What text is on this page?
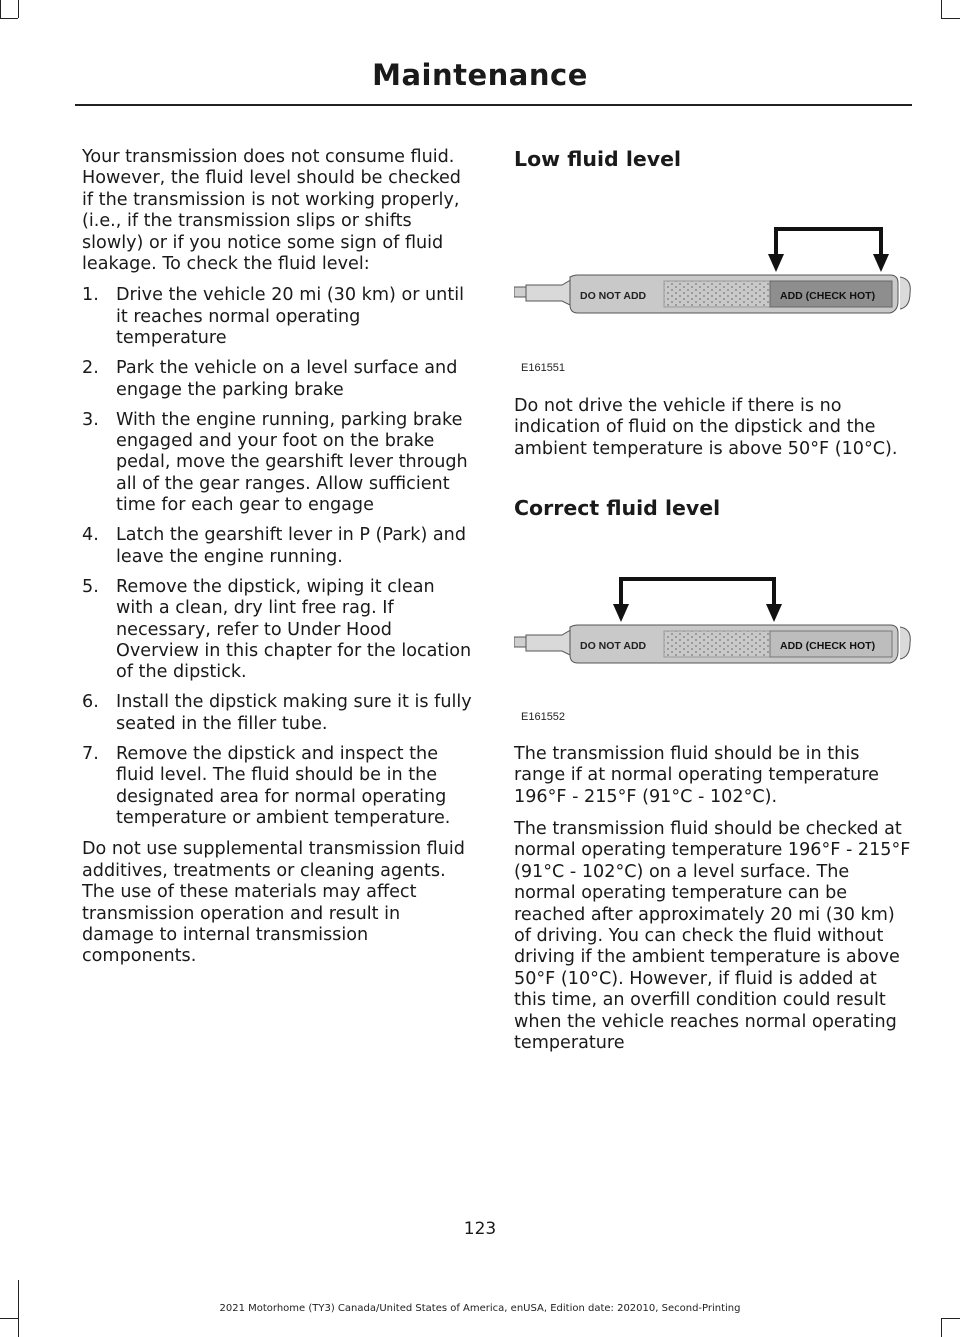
Maintenance

Your transmission does not consume fluid. However, the fluid level should be checked if the transmission is not working properly, (i.e., if the transmission slips or shifts slowly) or if you notice some sign of fluid leakage. To check the fluid level:

1. Drive the vehicle 20 mi (30 km) or until it reaches normal operating temperature
2. Park the vehicle on a level surface and engage the parking brake
3. With the engine running, parking brake engaged and your foot on the brake pedal, move the gearshift lever through all of the gear ranges. Allow sufficient time for each gear to engage
4. Latch the gearshift lever in P (Park) and leave the engine running.
5. Remove the dipstick, wiping it clean with a clean, dry lint free rag. If necessary, refer to Under Hood Overview in this chapter for the location of the dipstick.
6. Install the dipstick making sure it is fully seated in the filler tube.
7. Remove the dipstick and inspect the fluid level. The fluid should be in the designated area for normal operating temperature or ambient temperature.

Do not use supplemental transmission fluid additives, treatments or cleaning agents. The use of these materials may affect transmission operation and result in damage to internal transmission components.

Low fluid level
DO NOT ADD	ADD (CHECK HOT)
E161551

Do not drive the vehicle if there is no indication of fluid on the dipstick and the ambient temperature is above 50°F (10°C).

Correct fluid level
DO NOT ADD	ADD (CHECK HOT)
E161552

The transmission fluid should be in this range if at normal operating temperature 196°F - 215°F (91°C - 102°C).

The transmission fluid should be checked at normal operating temperature 196°F - 215°F (91°C - 102°C) on a level surface. The normal operating temperature can be reached after approximately 20 mi (30 km) of driving. You can check the fluid without driving if the ambient temperature is above 50°F (10°C). However, if fluid is added at this time, an overfill condition could result when the vehicle reaches normal operating temperature

123
2021 Motorhome (TY3) Canada/United States of America, enUSA, Edition date: 202010, Second-Printing
